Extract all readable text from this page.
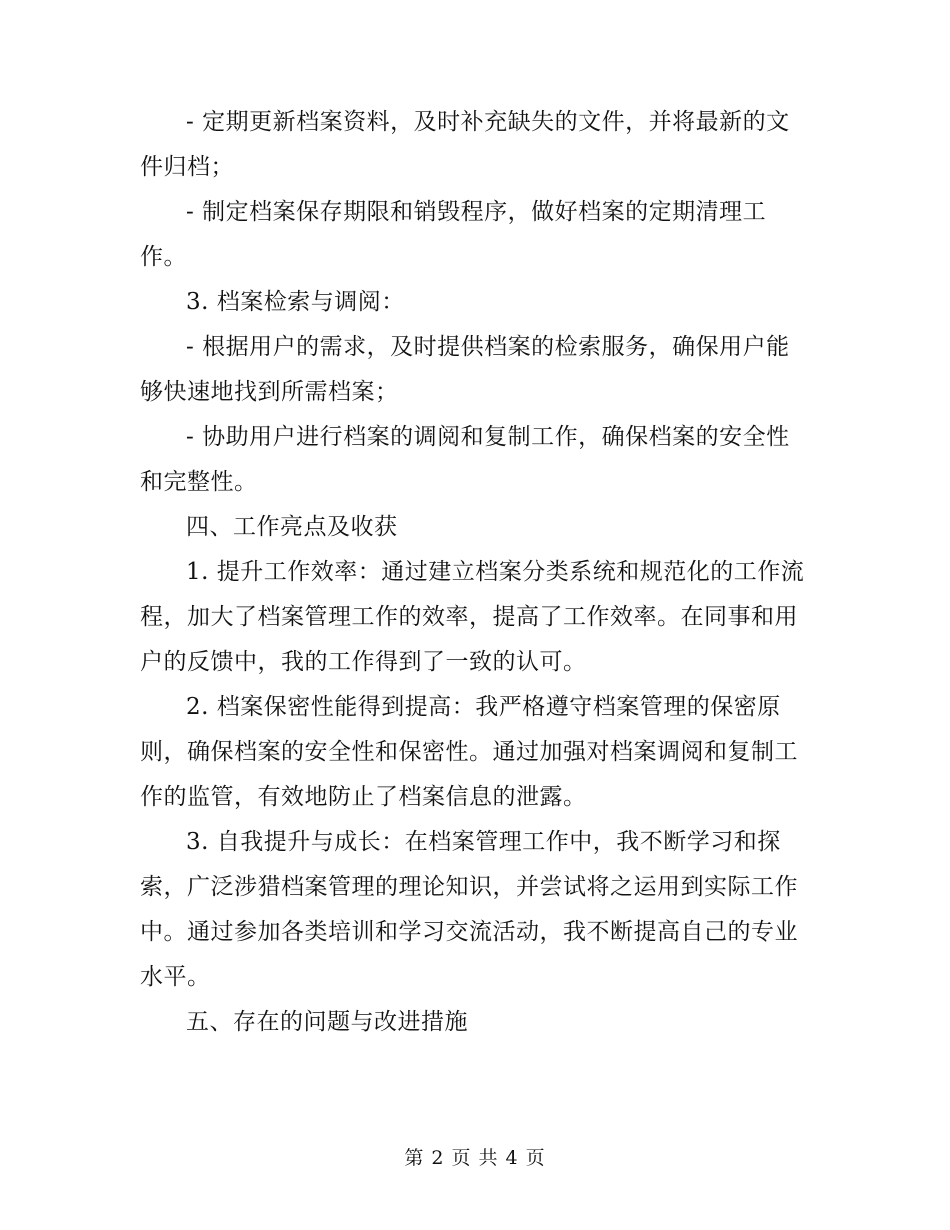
- 定期更新档案资料，及时补充缺失的文件，并将最新的文件归档；

- 制定档案保存期限和销毁程序，做好档案的定期清理工作。

3. 档案检索与调阅：

- 根据用户的需求，及时提供档案的检索服务，确保用户能够快速地找到所需档案；

- 协助用户进行档案的调阅和复制工作，确保档案的安全性和完整性。

四、工作亮点及收获

1. 提升工作效率：通过建立档案分类系统和规范化的工作流程，加大了档案管理工作的效率，提高了工作效率。在同事和用户的反馈中，我的工作得到了一致的认可。

2. 档案保密性能得到提高：我严格遵守档案管理的保密原则，确保档案的安全性和保密性。通过加强对档案调阅和复制工作的监管，有效地防止了档案信息的泄露。

3. 自我提升与成长：在档案管理工作中，我不断学习和探索，广泛涉猎档案管理的理论知识，并尝试将之运用到实际工作中。通过参加各类培训和学习交流活动，我不断提高自己的专业水平。

五、存在的问题与改进措施

第 2 页 共 4 页
